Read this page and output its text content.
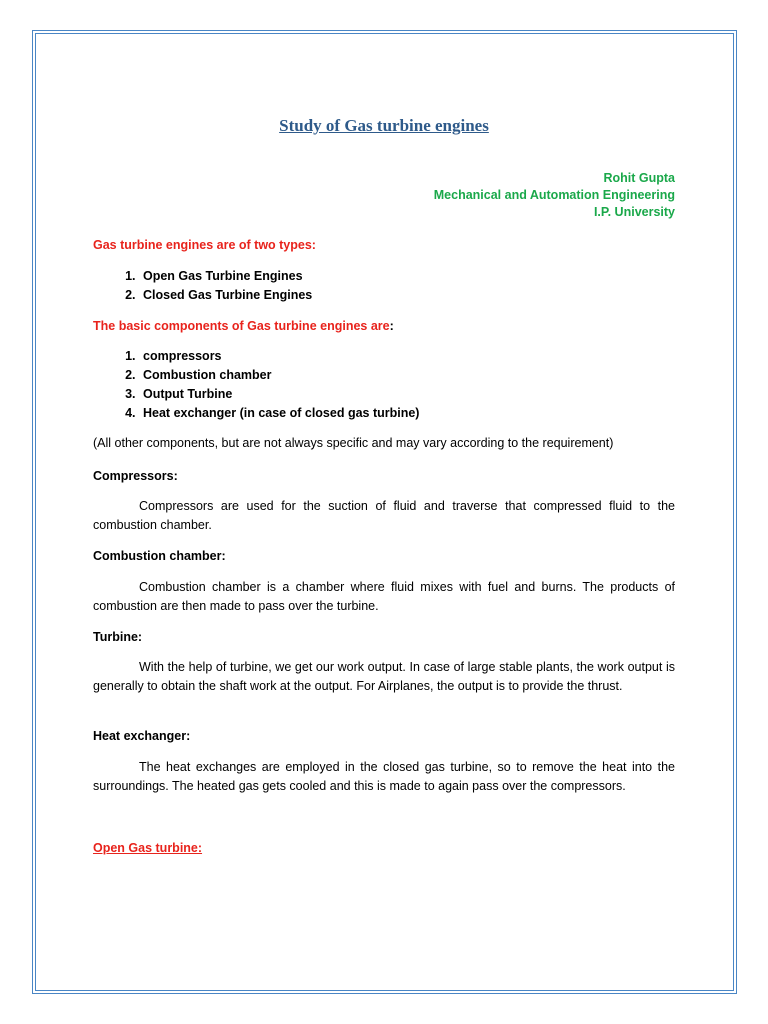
Study of Gas turbine engines
Rohit Gupta
Mechanical and Automation Engineering
I.P. University
Gas turbine engines are of two types:
1. Open Gas Turbine Engines
2. Closed Gas Turbine Engines
The basic components of Gas turbine engines are:
1. compressors
2. Combustion chamber
3. Output Turbine
4. Heat exchanger (in case of closed gas turbine)
(All other components, but are not always specific and may vary according to the requirement)
Compressors:
Compressors are used for the suction of fluid and traverse that compressed fluid to the combustion chamber.
Combustion chamber:
Combustion chamber is a chamber where fluid mixes with fuel and burns. The products of combustion are then made to pass over the turbine.
Turbine:
With the help of turbine, we get our work output. In case of large stable plants, the work output is generally to obtain the shaft work at the output. For Airplanes, the output is to provide the thrust.
Heat exchanger:
The heat exchanges are employed in the closed gas turbine, so to remove the heat into the surroundings. The heated gas gets cooled and this is made to again pass over the compressors.
Open Gas turbine:
